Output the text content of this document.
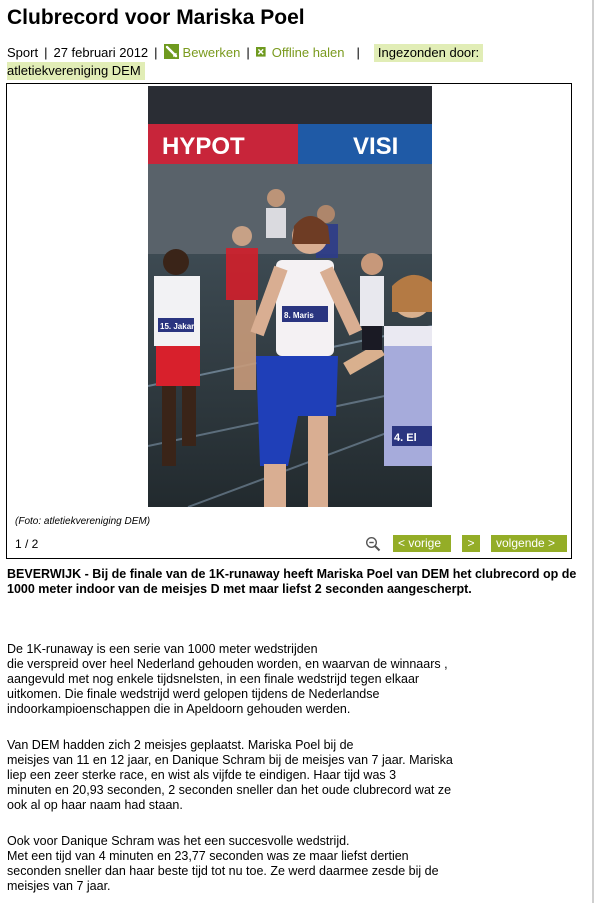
Clubrecord voor Mariska Poel
Sport | 27 februari 2012 | Bewerken | Offline halen | Ingezonden door:
atletiekvereniging DEM
HYPOT	VISI
15. Jakar
8. Maris
4. El
(Foto: atletiekvereniging DEM)
1 / 2	< vorige	>	volgende >
BEVERWIJK - Bij de finale van de 1K-runaway heeft Mariska Poel van DEM het clubrecord op de 1000 meter indoor van de meisjes D met maar liefst 2 seconden aangescherpt.
De 1K-runaway is een serie van 1000 meter wedstrijden
die verspreid over heel Nederland gehouden worden, en waarvan de winnaars ,
aangevuld met nog enkele tijdsnelsten, in een finale wedstrijd tegen elkaar
uitkomen. Die finale wedstrijd werd gelopen tijdens de Nederlandse
indoorkampioenschappen die in Apeldoorn gehouden werden.
Van DEM hadden zich 2 meisjes geplaatst. Mariska Poel bij de
meisjes van 11 en 12 jaar, en Danique Schram bij de meisjes van 7 jaar. Mariska
liep een zeer sterke race, en wist als vijfde te eindigen. Haar tijd was 3
minuten en 20,93 seconden, 2 seconden sneller dan het oude clubrecord wat ze
ook al op haar naam had staan.
Ook voor Danique Schram was het een succesvolle wedstrijd.
Met een tijd van 4 minuten en 23,77 seconden was ze maar liefst dertien
seconden sneller dan haar beste tijd tot nu toe. Ze werd daarmee zesde bij de
meisjes van 7 jaar.
